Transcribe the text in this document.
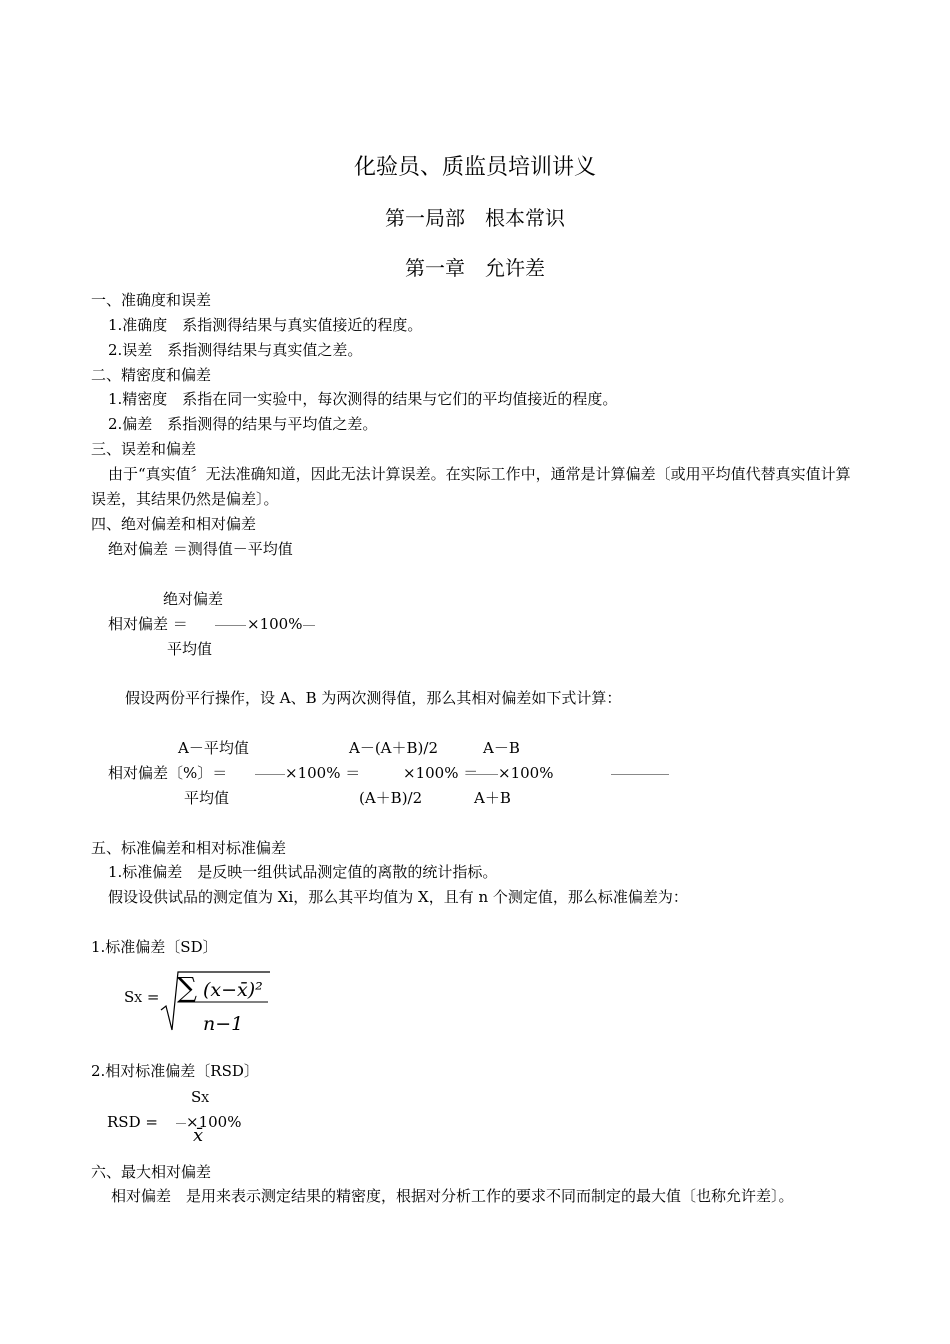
化验员、质监员培训讲义
第一局部　根本常识
第一章　允许差
一、准确度和误差
1.准确度　系指测得结果与真实值接近的程度。
2.误差　系指测得结果与真实值之差。
二、精密度和偏差
1.精密度　系指在同一实验中，每次测得的结果与它们的平均值接近的程度。
2.偏差　系指测得的结果与平均值之差。
三、误差和偏差
由于“真实值〞无法准确知道，因此无法计算误差。在实际工作中，通常是计算偏差〔或用平均值代替真实值计算误差，其结果仍然是偏差〕。
四、绝对偏差和相对偏差
绝对偏差 ＝测得值－平均值
绝对偏差
相对偏差 ＝	×100%
平均值
假设两份平行操作，设 A、B 为两次测得值，那么其相对偏差如下式计算：
A－平均值	A－(A＋B)/2	A－B
相对偏差〔%〕＝	×100% ＝	×100% ＝ ×100%
平均值	(A＋B)/2	A＋B
五、标准偏差和相对标准偏差
1.标准偏差　是反映一组供试品测定值的离散的统计指标。
假设设供试品的测定值为 Xi，那么其平均值为 X，且有 n 个测定值，那么标准偏差为：
1.标准偏差〔SD〕
SX = ∑ (x−x̄)²
n−1
2.相对标准偏差〔RSD〕
SX
RSD = ×100%
x̄
六、最大相对偏差
相对偏差　是用来表示测定结果的精密度，根据对分析工作的要求不同而制定的最大值〔也称允许差〕。
